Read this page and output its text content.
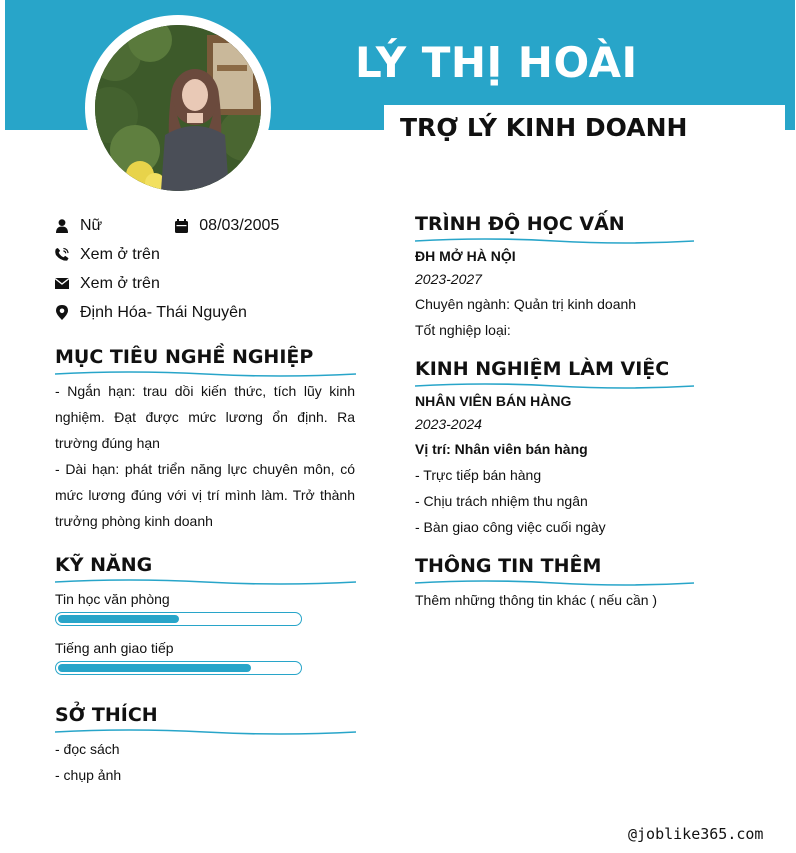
LÝ THỊ HOÀI
TRỢ LÝ KINH DOANH
Nữ	08/03/2005
Xem ở trên
Xem ở trên
Định Hóa- Thái Nguyên
MỤC TIÊU NGHỀ NGHIỆP
- Ngắn hạn: trau dồi kiến thức, tích lũy kinh nghiệm. Đạt được mức lương ổn định. Ra trường đúng hạn
- Dài hạn: phát triển năng lực chuyên môn, có mức lương đúng với vị trí mình làm. Trở thành trưởng phòng kinh doanh
KỸ NĂNG
Tin học văn phòng
Tiếng anh giao tiếp
SỞ THÍCH
- đọc sách
- chụp ảnh
TRÌNH ĐỘ HỌC VẤN
ĐH MỞ HÀ NỘI
2023-2027
Chuyên ngành: Quản trị kinh doanh
Tốt nghiệp loại:
KINH NGHIỆM LÀM VIỆC
NHÂN VIÊN BÁN HÀNG
2023-2024
Vị trí: Nhân viên bán hàng
- Trực tiếp bán hàng
- Chịu trách nhiệm thu ngân
- Bàn giao công việc cuối ngày
THÔNG TIN THÊM
Thêm những thông tin khác ( nếu cần )
@joblike365.com
